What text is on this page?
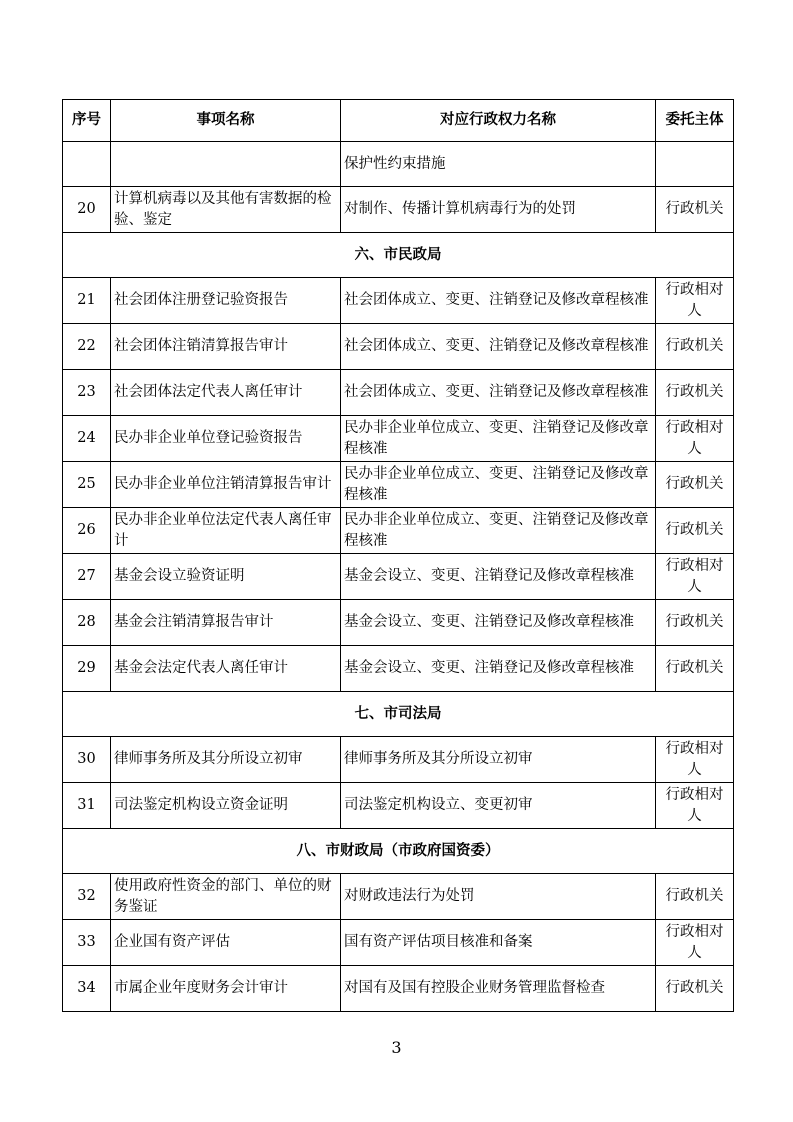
序号	事项名称	对应行政权力名称	委托主体
		保护性约束措施	
20	计算机病毒以及其他有害数据的检验、鉴定	对制作、传播计算机病毒行为的处罚	行政机关
六、市民政局			
21	社会团体注册登记验资报告	社会团体成立、变更、注销登记及修改章程核准	行政相对人
22	社会团体注销清算报告审计	社会团体成立、变更、注销登记及修改章程核准	行政机关
23	社会团体法定代表人离任审计	社会团体成立、变更、注销登记及修改章程核准	行政机关
24	民办非企业单位登记验资报告	民办非企业单位成立、变更、注销登记及修改章程核准	行政相对人
25	民办非企业单位注销清算报告审计	民办非企业单位成立、变更、注销登记及修改章程核准	行政机关
26	民办非企业单位法定代表人离任审计	民办非企业单位成立、变更、注销登记及修改章程核准	行政机关
27	基金会设立验资证明	基金会设立、变更、注销登记及修改章程核准	行政相对人
28	基金会注销清算报告审计	基金会设立、变更、注销登记及修改章程核准	行政机关
29	基金会法定代表人离任审计	基金会设立、变更、注销登记及修改章程核准	行政机关
七、市司法局			
30	律师事务所及其分所设立初审	律师事务所及其分所设立初审	行政相对人
31	司法鉴定机构设立资金证明	司法鉴定机构设立、变更初审	行政相对人
八、市财政局（市政府国资委）			
32	使用政府性资金的部门、单位的财务鉴证	对财政违法行为处罚	行政机关
33	企业国有资产评估	国有资产评估项目核准和备案	行政相对人
34	市属企业年度财务会计审计	对国有及国有控股企业财务管理监督检查	行政机关
3
